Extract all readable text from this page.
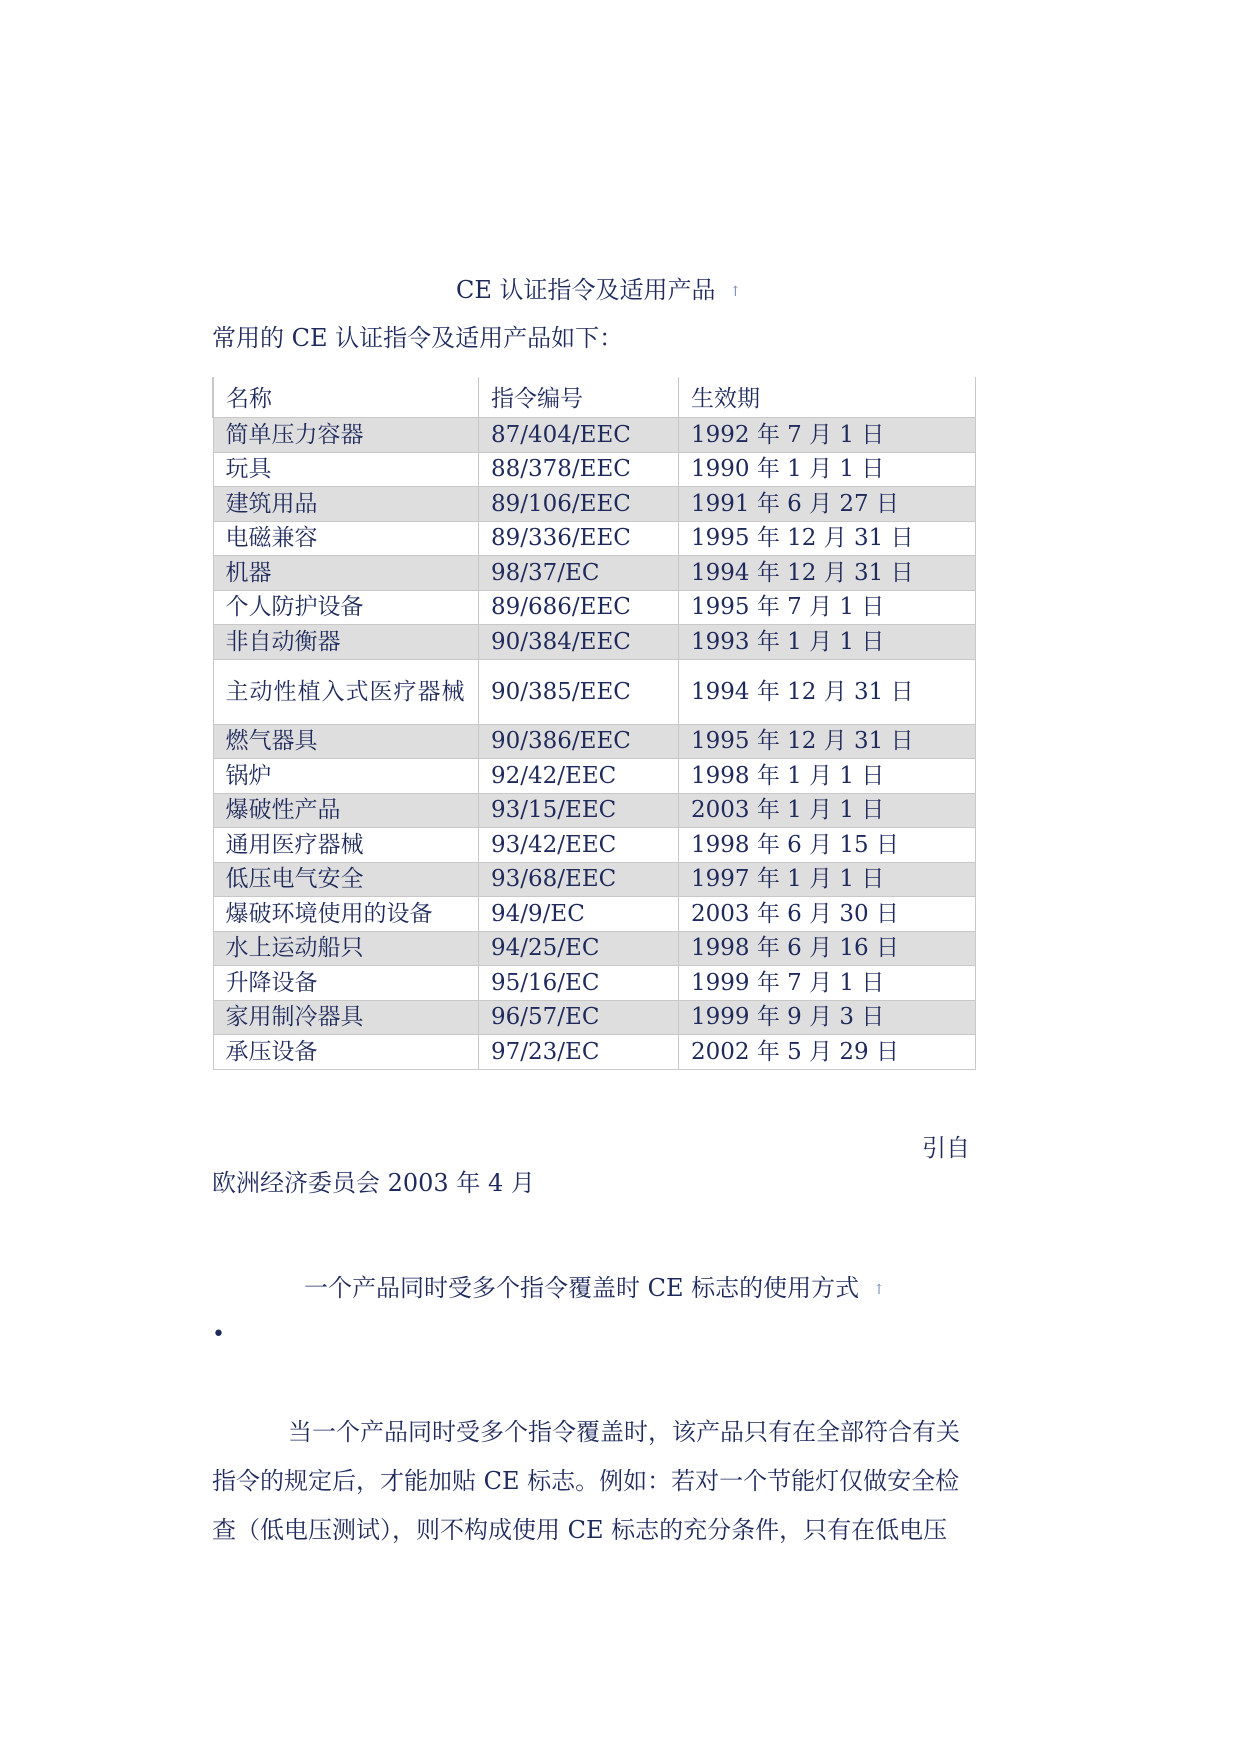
CE 认证指令及适用产品 ↑
常用的 CE 认证指令及适用产品如下：
名称	指令编号	生效期
简单压力容器	87/404/EEC	1992 年 7 月 1 日
玩具	88/378/EEC	1990 年 1 月 1 日
建筑用品	89/106/EEC	1991 年 6 月 27 日
电磁兼容	89/336/EEC	1995 年 12 月 31 日
机器	98/37/EC	1994 年 12 月 31 日
个人防护设备	89/686/EEC	1995 年 7 月 1 日
非自动衡器	90/384/EEC	1993 年 1 月 1 日
主动性植入式医疗器械	90/385/EEC	1994 年 12 月 31 日
燃气器具	90/386/EEC	1995 年 12 月 31 日
锅炉	92/42/EEC	1998 年 1 月 1 日
爆破性产品	93/15/EEC	2003 年 1 月 1 日
通用医疗器械	93/42/EEC	1998 年 6 月 15 日
低压电气安全	93/68/EEC	1997 年 1 月 1 日
爆破环境使用的设备	94/9/EC	2003 年 6 月 30 日
水上运动船只	94/25/EC	1998 年 6 月 16 日
升降设备	95/16/EC	1999 年 7 月 1 日
家用制冷器具	96/57/EC	1999 年 9 月 3 日
承压设备	97/23/EC	2002 年 5 月 29 日
引自
欧洲经济委员会 2003 年 4 月
一个产品同时受多个指令覆盖时 CE 标志的使用方式 ↑
•
当一个产品同时受多个指令覆盖时，该产品只有在全部符合有关
指令的规定后，才能加贴 CE 标志。例如：若对一个节能灯仅做安全检
查（低电压测试），则不构成使用 CE 标志的充分条件，只有在低电压
